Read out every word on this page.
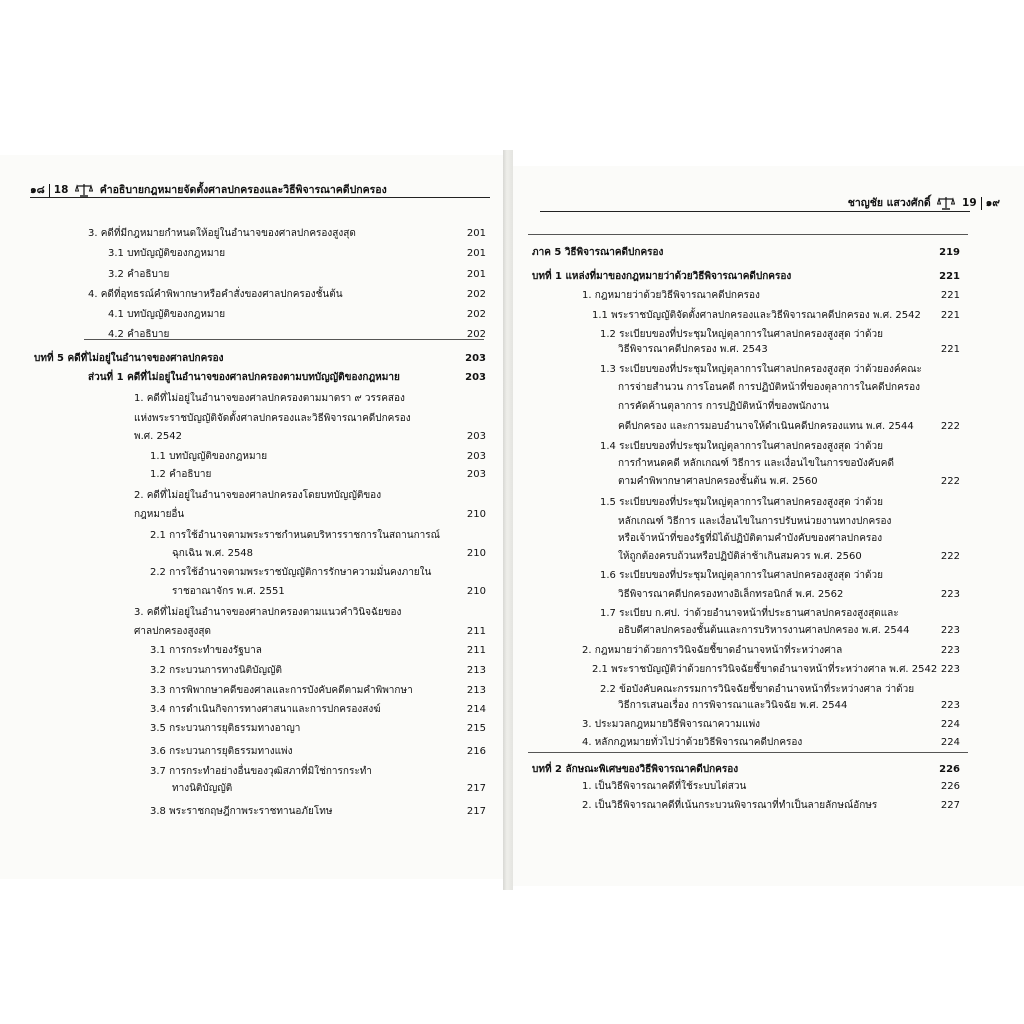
๑๘ 18	คำอธิบายกฎหมายจัดตั้งศาลปกครองและวิธีพิจารณาคดีปกครอง
ชาญชัย แสวงศักดิ์	19 ๑๙
3. คดีที่มีกฎหมายกำหนดให้อยู่ในอำนาจของศาลปกครองสูงสุด	201
3.1 บทบัญญัติของกฎหมาย	201
3.2 คำอธิบาย	201
4. คดีที่อุทธรณ์คำพิพากษาหรือคำสั่งของศาลปกครองชั้นต้น	202
4.1 บทบัญญัติของกฎหมาย	202
4.2 คำอธิบาย	202
บทที่ 5 คดีที่ไม่อยู่ในอำนาจของศาลปกครอง	203
ส่วนที่ 1 คดีที่ไม่อยู่ในอำนาจของศาลปกครองตามบทบัญญัติของกฎหมาย	203
1. คดีที่ไม่อยู่ในอำนาจของศาลปกครองตามมาตรา ๙ วรรคสอง
แห่งพระราชบัญญัติจัดตั้งศาลปกครองและวิธีพิจารณาคดีปกครอง
พ.ศ. 2542	203
1.1 บทบัญญัติของกฎหมาย	203
1.2 คำอธิบาย	203
2. คดีที่ไม่อยู่ในอำนาจของศาลปกครองโดยบทบัญญัติของ
กฎหมายอื่น	210
2.1 การใช้อำนาจตามพระราชกำหนดบริหารราชการในสถานการณ์
ฉุกเฉิน พ.ศ. 2548	210
2.2 การใช้อำนาจตามพระราชบัญญัติการรักษาความมั่นคงภายใน
ราชอาณาจักร พ.ศ. 2551	210
3. คดีที่ไม่อยู่ในอำนาจของศาลปกครองตามแนวคำวินิจฉัยของ
ศาลปกครองสูงสุด	211
3.1 การกระทำของรัฐบาล	211
3.2 กระบวนการทางนิติบัญญัติ	213
3.3 การพิพากษาคดีของศาลและการบังคับคดีตามคำพิพากษา	213
3.4 การดำเนินกิจการทางศาสนาและการปกครองสงฆ์	214
3.5 กระบวนการยุติธรรมทางอาญา	215
3.6 กระบวนการยุติธรรมทางแพ่ง	216
3.7 การกระทำอย่างอื่นของวุฒิสภาที่มิใช่การกระทำ
ทางนิติบัญญัติ	217
3.8 พระราชกฤษฎีกาพระราชทานอภัยโทษ	217
ภาค 5 วิธีพิจารณาคดีปกครอง	219
บทที่ 1 แหล่งที่มาของกฎหมายว่าด้วยวิธีพิจารณาคดีปกครอง	221
1. กฎหมายว่าด้วยวิธีพิจารณาคดีปกครอง	221
1.1 พระราชบัญญัติจัดตั้งศาลปกครองและวิธีพิจารณาคดีปกครอง พ.ศ. 2542	221
1.2 ระเบียบของที่ประชุมใหญ่ตุลาการในศาลปกครองสูงสุด ว่าด้วย
วิธีพิจารณาคดีปกครอง พ.ศ. 2543	221
1.3 ระเบียบของที่ประชุมใหญ่ตุลาการในศาลปกครองสูงสุด ว่าด้วยองค์คณะ
การจ่ายสำนวน การโอนคดี การปฏิบัติหน้าที่ของตุลาการในคดีปกครอง
การคัดค้านตุลาการ การปฏิบัติหน้าที่ของพนักงาน
คดีปกครอง และการมอบอำนาจให้ดำเนินคดีปกครองแทน พ.ศ. 2544	222
1.4 ระเบียบของที่ประชุมใหญ่ตุลาการในศาลปกครองสูงสุด ว่าด้วย
การกำหนดคดี หลักเกณฑ์ วิธีการ และเงื่อนไขในการขอบังคับคดี
ตามคำพิพากษาศาลปกครองชั้นต้น พ.ศ. 2560	222
1.5 ระเบียบของที่ประชุมใหญ่ตุลาการในศาลปกครองสูงสุด ว่าด้วย
หลักเกณฑ์ วิธีการ และเงื่อนไขในการปรับหน่วยงานทางปกครอง
หรือเจ้าหน้าที่ของรัฐที่มิได้ปฏิบัติตามคำบังคับของศาลปกครอง
ให้ถูกต้องครบถ้วนหรือปฏิบัติล่าช้าเกินสมควร พ.ศ. 2560	222
1.6 ระเบียบของที่ประชุมใหญ่ตุลาการในศาลปกครองสูงสุด ว่าด้วย
วิธีพิจารณาคดีปกครองทางอิเล็กทรอนิกส์ พ.ศ. 2562	223
1.7 ระเบียบ ก.ศป. ว่าด้วยอำนาจหน้าที่ประธานศาลปกครองสูงสุดและ
อธิบดีศาลปกครองชั้นต้นและการบริหารงานศาลปกครอง พ.ศ. 2544	223
2. กฎหมายว่าด้วยการวินิจฉัยชี้ขาดอำนาจหน้าที่ระหว่างศาล	223
2.1 พระราชบัญญัติว่าด้วยการวินิจฉัยชี้ขาดอำนาจหน้าที่ระหว่างศาล พ.ศ. 2542 223
2.2 ข้อบังคับคณะกรรมการวินิจฉัยชี้ขาดอำนาจหน้าที่ระหว่างศาล ว่าด้วย
วิธีการเสนอเรื่อง การพิจารณาและวินิจฉัย พ.ศ. 2544	223
3. ประมวลกฎหมายวิธีพิจารณาความแพ่ง	224
4. หลักกฎหมายทั่วไปว่าด้วยวิธีพิจารณาคดีปกครอง	224
บทที่ 2 ลักษณะพิเศษของวิธีพิจารณาคดีปกครอง	226
1. เป็นวิธีพิจารณาคดีที่ใช้ระบบไต่สวน	226
2. เป็นวิธีพิจารณาคดีที่เน้นกระบวนพิจารณาที่ทำเป็นลายลักษณ์อักษร	227
